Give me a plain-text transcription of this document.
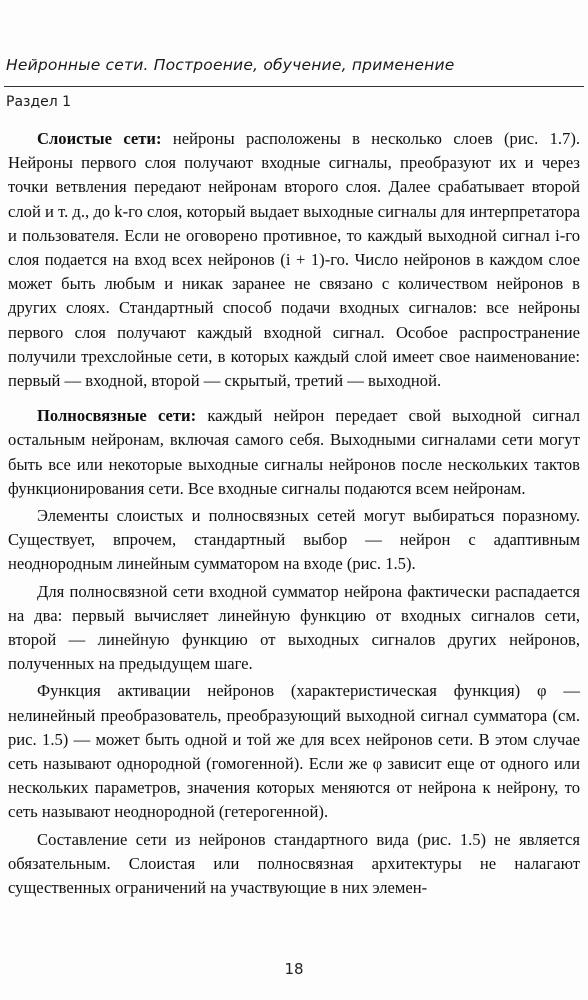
Нейронные сети. Построение, обучение, применение
Раздел 1

Слоистые сети: нейроны расположены в несколько слоев (рис. 1.7). Нейроны первого слоя получают входные сигналы, преобразуют их и через точки ветвления передают нейронам второго слоя. Далее срабатывает второй слой и т. д., до k-го слоя, который выдает выходные сигналы для интерпретатора и пользователя. Если не оговорено противное, то каждый выходной сигнал i-го слоя подается на вход всех нейронов (i + 1)-го. Число нейронов в каждом слое может быть любым и никак заранее не связано с количеством нейронов в других слоях. Стандартный способ подачи входных сигналов: все нейроны первого слоя получают каждый входной сигнал. Особое распространение получили трехслойные сети, в которых каждый слой имеет свое наименование: первый — входной, второй — скрытый, третий — выходной.

Полносвязные сети: каждый нейрон передает свой выходной сигнал остальным нейронам, включая самого себя. Выходными сигналами сети могут быть все или некоторые выходные сигналы нейронов после нескольких тактов функционирования сети. Все входные сигналы подаются всем нейронам.

Элементы слоистых и полносвязных сетей могут выбираться поразному. Существует, впрочем, стандартный выбор — нейрон с адаптивным неоднородным линейным сумматором на входе (рис. 1.5).

Для полносвязной сети входной сумматор нейрона фактически распадается на два: первый вычисляет линейную функцию от входных сигналов сети, второй — линейную функцию от выходных сигналов других нейронов, полученных на предыдущем шаге.

Функция активации нейронов (характеристическая функция) φ — нелинейный преобразователь, преобразующий выходной сигнал сумматора (см. рис. 1.5) — может быть одной и той же для всех нейронов сети. В этом случае сеть называют однородной (гомогенной). Если же φ зависит еще от одного или нескольких параметров, значения которых меняются от нейрона к нейрону, то сеть называют неоднородной (гетерогенной).

Составление сети из нейронов стандартного вида (рис. 1.5) не является обязательным. Слоистая или полносвязная архитектуры не налагают существенных ограничений на участвующие в них элемен-

18
